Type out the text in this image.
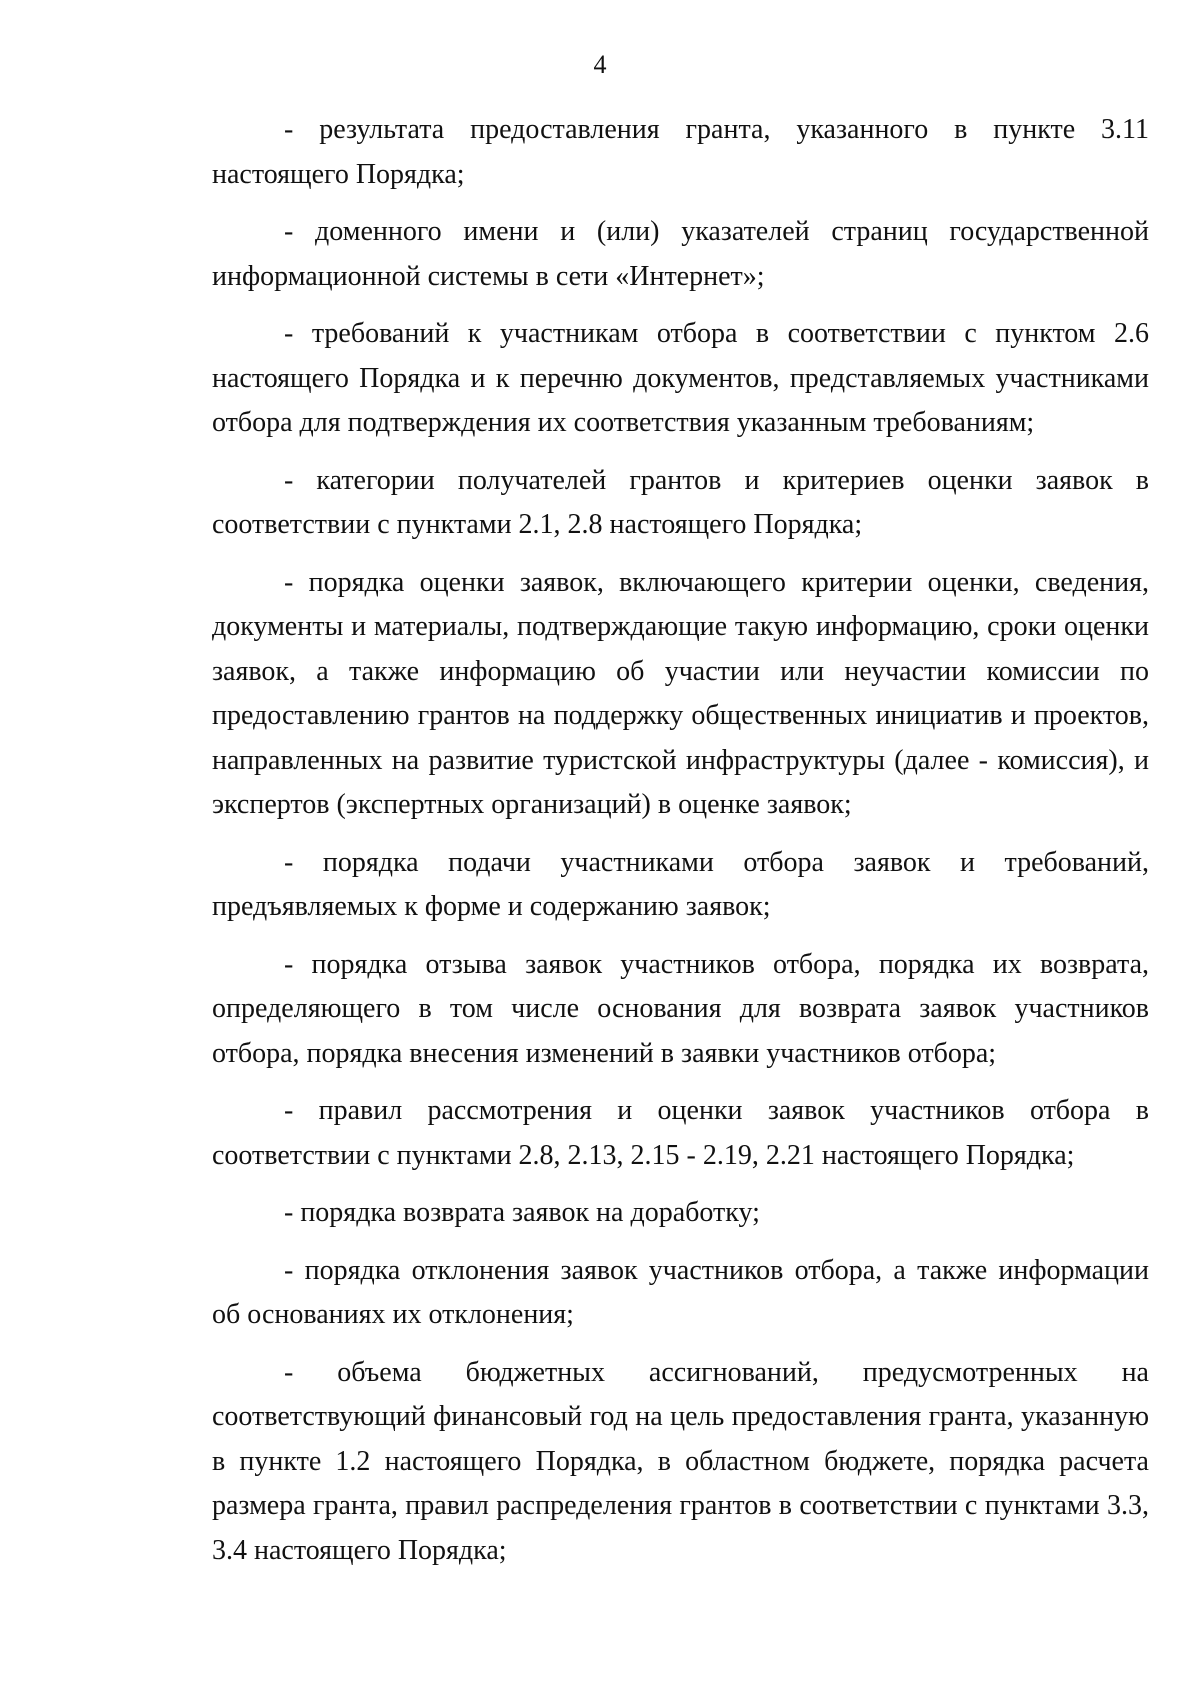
4

- результата предоставления гранта, указанного в пункте 3.11 настоящего Порядка;

- доменного имени и (или) указателей страниц государственной информационной системы в сети «Интернет»;

- требований к участникам отбора в соответствии с пунктом 2.6 настоящего Порядка и к перечню документов, представляемых участниками отбора для подтверждения их соответствия указанным требованиям;

- категории получателей грантов и критериев оценки заявок в соответствии с пунктами 2.1, 2.8 настоящего Порядка;

- порядка оценки заявок, включающего критерии оценки, сведения, документы и материалы, подтверждающие такую информацию, сроки оценки заявок, а также информацию об участии или неучастии комиссии по предоставлению грантов на поддержку общественных инициатив и проектов, направленных на развитие туристской инфраструктуры (далее - комиссия), и экспертов (экспертных организаций) в оценке заявок;

- порядка подачи участниками отбора заявок и требований, предъявляемых к форме и содержанию заявок;

- порядка отзыва заявок участников отбора, порядка их возврата, определяющего в том числе основания для возврата заявок участников отбора, порядка внесения изменений в заявки участников отбора;

- правил рассмотрения и оценки заявок участников отбора в соответствии с пунктами 2.8, 2.13, 2.15 - 2.19, 2.21 настоящего Порядка;

- порядка возврата заявок на доработку;

- порядка отклонения заявок участников отбора, а также информации об основаниях их отклонения;

- объема бюджетных ассигнований, предусмотренных на соответствующий финансовый год на цель предоставления гранта, указанную в пункте 1.2 настоящего Порядка, в областном бюджете, порядка расчета размера гранта, правил распределения грантов в соответствии с пунктами 3.3, 3.4 настоящего Порядка;
